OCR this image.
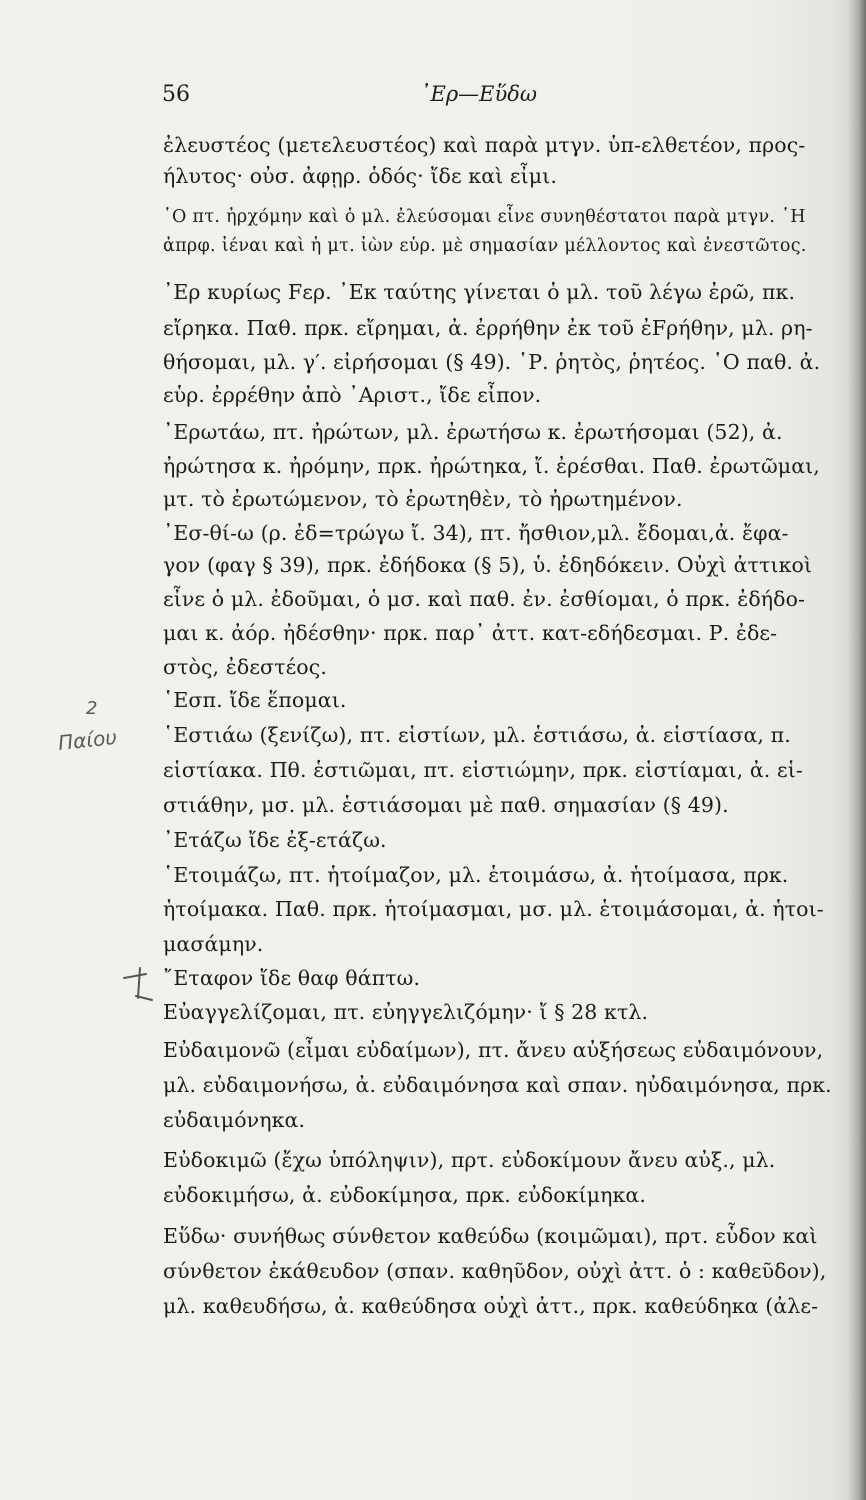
56	᾿Ερ—Εὕδω
ἐλευστέος (μετελευστέος) καὶ παρὰ μτγν. ὑπ-ελθετέον, προς-
ήλυτος· οὐσ. ἀφῃρ. ὁδός· ἴδε καὶ εἶμι.
῾Ο πτ. ἠρχόμην καὶ ὁ μλ. ἐλεύσομαι εἶνε συνηθέστατοι παρὰ μτγν. ῾Η
ἀπρφ. ἰέναι καὶ ἡ μτ. ἰὼν εὑρ. μὲ σημασίαν μέλλοντος καὶ ἐνεστῶτος.
᾿Ερ κυρίως Fερ. ᾿Εκ ταύτης γίνεται ὁ μλ. τοῦ λέγω ἐρῶ, πκ.
εἴρηκα. Παθ. πρκ. εἴρημαι, ἀ. ἐρρήθην ἐκ τοῦ ἐFρήθην, μλ. ρη-
θήσομαι, μλ. γ′. εἰρήσομαι (§ 49). ῾Ρ. ῥητὸς, ῥητέος. ῾Ο παθ. ἀ.
εὑρ. ἐρρέθην ἀπὸ ᾿Αριστ., ἴδε εἶπον.
᾿Ερωτάω, πτ. ἠρώτων, μλ. ἐρωτήσω κ. ἐρωτήσομαι (52), ἀ.
ἠρώτησα κ. ἠρόμην, πρκ. ἠρώτηκα, ἴ. ἐρέσθαι. Παθ. ἐρωτῶμαι,
μτ. τὸ ἐρωτώμενον, τὸ ἐρωτηθὲν, τὸ ἠρωτημένον.
᾿Εσ-θί-ω (ρ. ἐδ=τρώγω ἴ. 34), πτ. ἤσθιον,μλ. ἔδομαι,ἀ. ἔφα-
γον (φαγ § 39), πρκ. ἐδήδοκα (§ 5), ὑ. ἐδηδόκειν. Οὐχὶ ἀττικοὶ
εἶνε ὁ μλ. ἐδοῦμαι, ὁ μσ. καὶ παθ. ἐν. ἐσθίομαι, ὁ πρκ. ἐδήδο-
μαι κ. ἀόρ. ἠδέσθην· πρκ. παρ᾿ ἀττ. κατ-εδήδεσμαι. Ρ. ἐδε-
στὸς, ἐδεστέος.
῾Εσπ. ἴδε ἕπομαι.
῾Εστιάω (ξενίζω), πτ. εἱστίων, μλ. ἑστιάσω, ἀ. εἱστίασα, π.
εἱστίακα. Πθ. ἑστιῶμαι, πτ. εἱστιώμην, πρκ. εἱστίαμαι, ἀ. εἱ-
στιάθην, μσ. μλ. ἑστιάσομαι μὲ παθ. σημασίαν (§ 49).
᾿Ετάζω ἴδε ἐξ-ετάζω.
῾Ετοιμάζω, πτ. ἡτοίμαζον, μλ. ἑτοιμάσω, ἀ. ἡτοίμασα, πρκ.
ἡτοίμακα. Παθ. πρκ. ἡτοίμασμαι, μσ. μλ. ἑτοιμάσομαι, ἀ. ἡτοι-
μασάμην.
῎Εταφον ἴδε θαφ θάπτω.
Εὐαγγελίζομαι, πτ. εὐηγγελιζόμην· ἴ § 28 κτλ.
Εὐδαιμονῶ (εἶμαι εὐδαίμων), πτ. ἄνευ αὐξήσεως εὐδαιμόνουν,
μλ. εὐδαιμονήσω, ἀ. εὐδαιμόνησα καὶ σπαν. ηὐδαιμόνησα, πρκ.
εὐδαιμόνηκα.
Εὐδοκιμῶ (ἔχω ὑπόληψιν), πρτ. εὐδοκίμουν ἄνευ αὐξ., μλ.
εὐδοκιμήσω, ἀ. εὐδοκίμησα, πρκ. εὐδοκίμηκα.
Εὕδω· συνήθως σύνθετον καθεύδω (κοιμῶμαι), πρτ. εὗδον καὶ
σύνθετον ἐκάθευδον (σπαν. καθηῦδον, οὐχὶ ἀττ. ὁ : καθεῦδον),
μλ. καθευδήσω, ἀ. καθεύδησα οὐχὶ ἀττ., πρκ. καθεύδηκα (ἀλε-
2
Παίου
